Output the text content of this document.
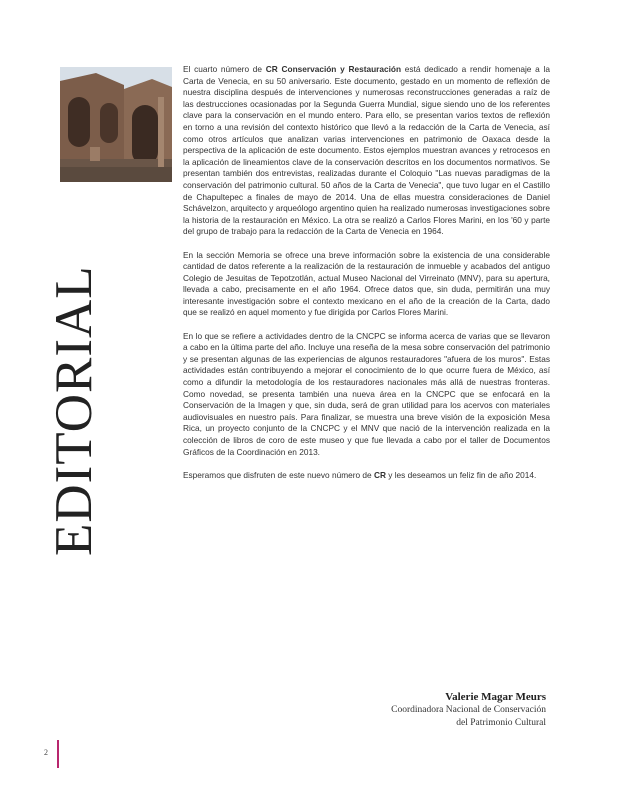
EDITORIAL

El cuarto número de CR Conservación y Restauración está dedicado a rendir homenaje a la Carta de Venecia, en su 50 aniversario. Este documento, gestado en un momento de reflexión de nuestra disciplina después de intervenciones y numerosas reconstrucciones generadas a raíz de las destrucciones ocasionadas por la Segunda Guerra Mundial, sigue siendo uno de los referentes clave para la conservación en el mundo entero. Para ello, se presentan varios textos de reflexión en torno a una revisión del contexto histórico que llevó a la redacción de la Carta de Venecia, así como otros artículos que analizan varias intervenciones en patrimonio de Oaxaca desde la perspectiva de la aplicación de este documento. Estos ejemplos muestran avances y retrocesos en la aplicación de lineamientos clave de la conservación descritos en los documentos normativos. Se presentan también dos entrevistas, realizadas durante el Coloquio "Las nuevas paradigmas de la conservación del patrimonio cultural. 50 años de la Carta de Venecia", que tuvo lugar en el Castillo de Chapultepec a finales de mayo de 2014. Una de ellas muestra consideraciones de Daniel Schávelzon, arquitecto y arqueólogo argentino quien ha realizado numerosas investigaciones sobre la historia de la restauración en México. La otra se realizó a Carlos Flores Marini, en los '60 y parte del grupo de trabajo para la redacción de la Carta de Venecia en 1964.

En la sección Memoria se ofrece una breve información sobre la existencia de una considerable cantidad de datos referente a la realización de la restauración de inmueble y acabados del antiguo Colegio de Jesuitas de Tepotzotlán, actual Museo Nacional del Virreinato (MNV), para su apertura, llevada a cabo, precisamente en el año 1964. Ofrece datos que, sin duda, permitirán una muy interesante investigación sobre el contexto mexicano en el año de la creación de la Carta, dado que se realizó en aquel momento y fue dirigida por Carlos Flores Marini.

En lo que se refiere a actividades dentro de la CNCPC se informa acerca de varias que se llevaron a cabo en la última parte del año. Incluye una reseña de la mesa sobre conservación del patrimonio y se presentan algunas de las experiencias de algunos restauradores "afuera de los muros". Estas actividades están contribuyendo a mejorar el conocimiento de lo que ocurre fuera de México, así como a difundir la metodología de los restauradores nacionales más allá de nuestras fronteras. Como novedad, se presenta también una nueva área en la CNCPC que se enfocará en la Conservación de la Imagen y que, sin duda, será de gran utilidad para los acervos con materiales audiovisuales en nuestro país. Para finalizar, se muestra una breve visión de la exposición Mesa Rica, un proyecto conjunto de la CNCPC y el MNV que nació de la intervención realizada en la colección de libros de coro de este museo y que fue llevada a cabo por el taller de Documentos Gráficos de la Coordinación en 2013.

Esperamos que disfruten de este nuevo número de CR y les deseamos un feliz fin de año 2014.

Valerie Magar Meurs
Coordinadora Nacional de Conservación
del Patrimonio Cultural
2
